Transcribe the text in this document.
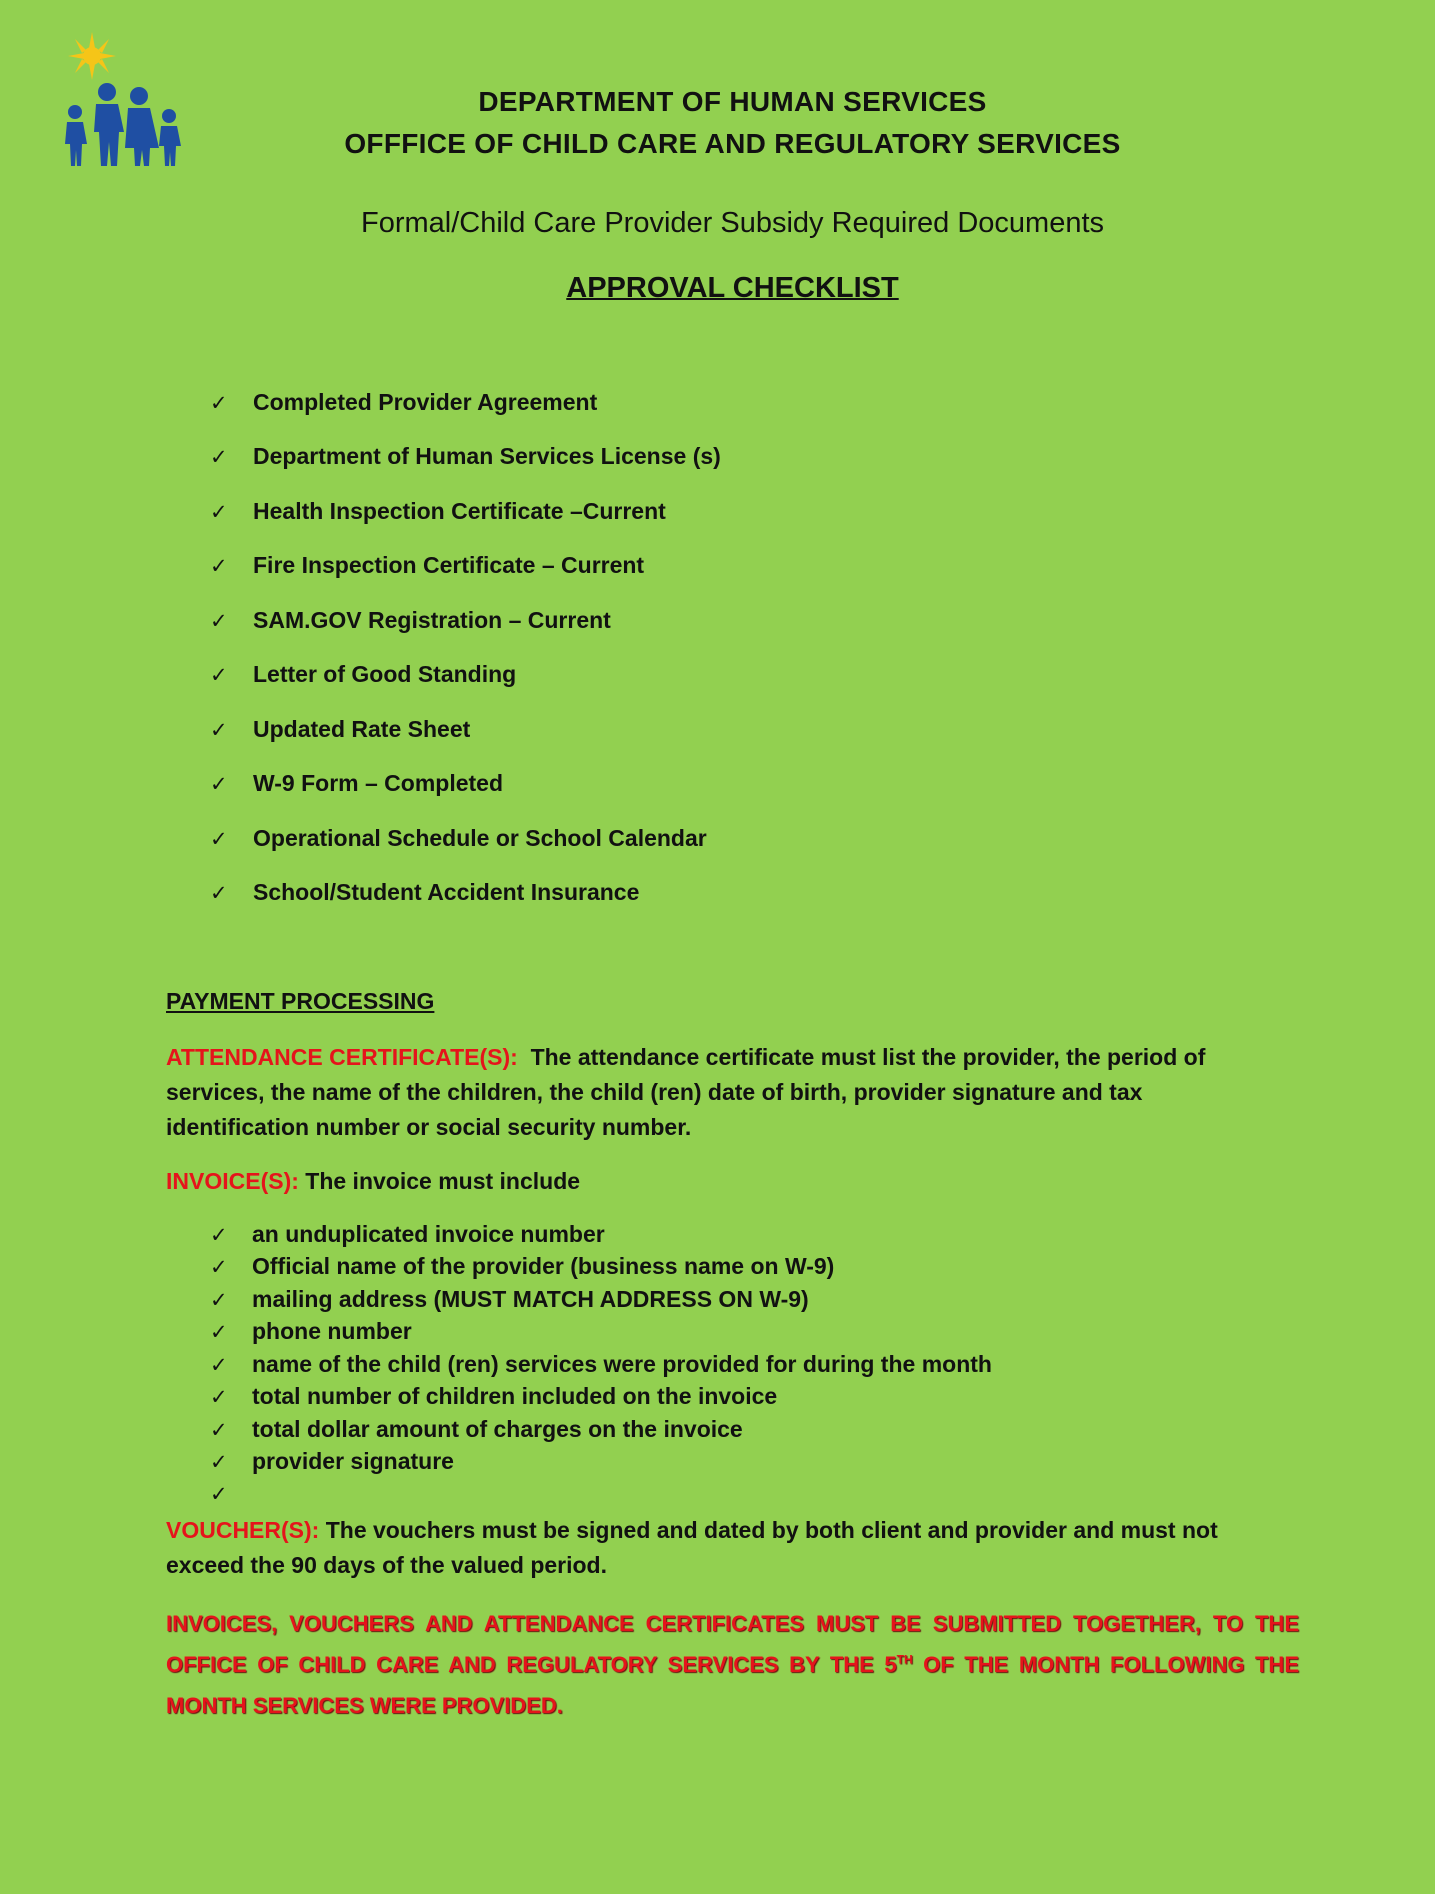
DEPARTMENT OF HUMAN SERVICES
OFFFICE OF CHILD CARE AND REGULATORY SERVICES
Formal/Child Care Provider Subsidy Required Documents
APPROVAL CHECKLIST
✓ Completed Provider Agreement
✓ Department of Human Services License (s)
✓ Health Inspection Certificate –Current
✓ Fire Inspection Certificate – Current
✓ SAM.GOV Registration – Current
✓ Letter of Good Standing
✓ Updated Rate Sheet
✓ W-9 Form – Completed
✓ Operational Schedule or School Calendar
✓ School/Student Accident Insurance
PAYMENT PROCESSING
ATTENDANCE CERTIFICATE(S): The attendance certificate must list the provider, the period of services, the name of the children, the child (ren) date of birth, provider signature and tax identification number or social security number.
INVOICE(S): The invoice must include
✓ an unduplicated invoice number
✓ Official name of the provider (business name on W-9)
✓ mailing address (MUST MATCH ADDRESS ON W-9)
✓ phone number
✓ name of the child (ren) services were provided for during the month
✓ total number of children included on the invoice
✓ total dollar amount of charges on the invoice
✓ provider signature
✓
VOUCHER(S): The vouchers must be signed and dated by both client and provider and must not exceed the 90 days of the valued period.
INVOICES, VOUCHERS AND ATTENDANCE CERTIFICATES MUST BE SUBMITTED TOGETHER, TO THE OFFICE OF CHILD CARE AND REGULATORY SERVICES BY THE 5TH OF THE MONTH FOLLOWING THE MONTH SERVICES WERE PROVIDED.
